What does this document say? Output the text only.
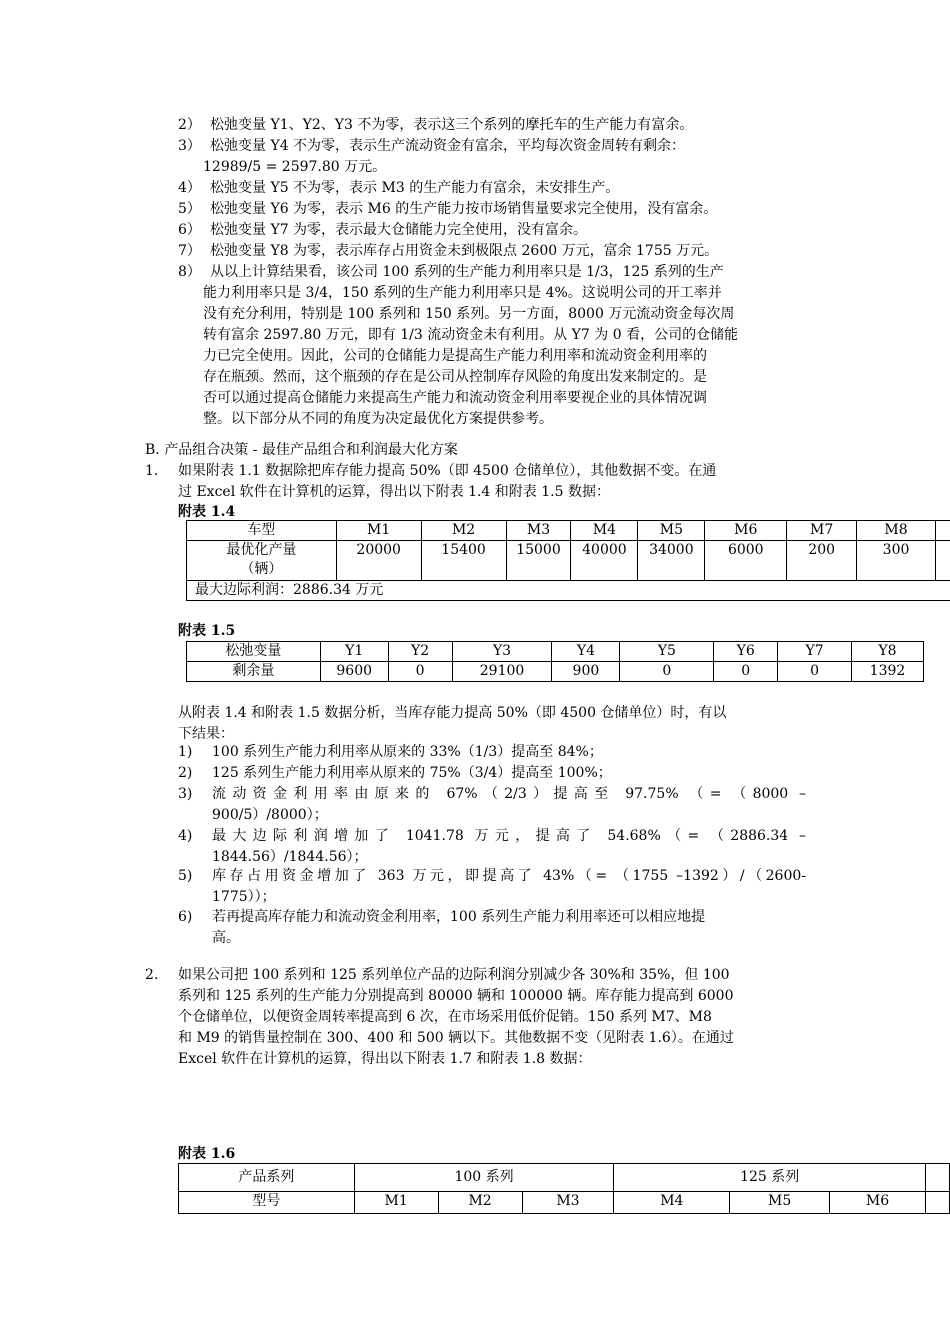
2） 松弛变量 Y1、Y2、Y3 不为零，表示这三个系列的摩托车的生产能力有富余。
3） 松弛变量 Y4 不为零，表示生产流动资金有富余，平均每次资金周转有剩余：
12989/5 = 2597.80 万元。
4） 松弛变量 Y5 不为零，表示 M3 的生产能力有富余，未安排生产。
5） 松弛变量 Y6 为零，表示 M6 的生产能力按市场销售量要求完全使用，没有富余。
6） 松弛变量 Y7 为零，表示最大仓储能力完全使用，没有富余。
7） 松弛变量 Y8 为零，表示库存占用资金未到极限点 2600 万元，富余 1755 万元。
8） 从以上计算结果看，该公司 100 系列的生产能力利用率只是 1/3，125 系列的生产
能力利用率只是 3/4，150 系列的生产能力利用率只是 4%。这说明公司的开工率并
没有充分利用，特别是 100 系列和 150 系列。另一方面，8000 万元流动资金每次周
转有富余 2597.80 万元，即有 1/3 流动资金未有利用。从 Y7 为 0 看，公司的仓储能
力已完全使用。因此，公司的仓储能力是提高生产能力利用率和流动资金利用率的
存在瓶颈。然而，这个瓶颈的存在是公司从控制库存风险的角度出发来制定的。是
否可以通过提高仓储能力来提高生产能力和流动资金利用率要视企业的具体情况调
整。以下部分从不同的角度为决定最优化方案提供参考。
B. 产品组合决策 - 最佳产品组合和利润最大化方案
1. 如果附表 1.1 数据除把库存能力提高 50%（即 4500 仓储单位），其他数据不变。在通
过 Excel 软件在计算机的运算，得出以下附表 1.4 和附表 1.5 数据：
附表 1.4
车型	M1	M2	M3	M4	M5	M6	M7	M8	

最优化产量
（辆）	20000	15400	15000	40000	34000	6000	200	300	
最大边际利润：2886.34 万元									
附表 1.5
松弛变量	Y1	Y2	Y3	Y4	Y5	Y6	Y7	Y8
剩余量	9600	0	29100	900	0	0	0	1392
从附表 1.4 和附表 1.5 数据分析，当库存能力提高 50%（即 4500 仓储单位）时，有以
下结果：
1) 100 系列生产能力利用率从原来的 33%（1/3）提高至 84%；
2) 125 系列生产能力利用率从原来的 75%（3/4）提高至 100%；
3) 流动资金利用率由原来的 67%（2/3）提高至 97.75% （= （8000 –
900/5）/8000）；
4) 最大边际利润增加了 1041.78 万元，提高了 54.68%（= （2886.34 –
1844.56）/1844.56）；
5) 库存占用资金增加了 363 万元，即提高了 43%（= （1755 –1392）/（2600-
1775））；
6) 若再提高库存能力和流动资金利用率，100 系列生产能力利用率还可以相应地提
高。
2. 如果公司把 100 系列和 125 系列单位产品的边际利润分别减少各 30%和 35%，但 100
系列和 125 系列的生产能力分别提高到 80000 辆和 100000 辆。库存能力提高到 6000
个仓储单位，以便资金周转率提高到 6 次，在市场采用低价促销。150 系列 M7、M8
和 M9 的销售量控制在 300、400 和 500 辆以下。其他数据不变（见附表 1.6）。在通过
Excel 软件在计算机的运算，得出以下附表 1.7 和附表 1.8 数据：
附表 1.6
产品系列	100 系列			125 系列			
型号	M1	M2	M3	M4	M5	M6	
